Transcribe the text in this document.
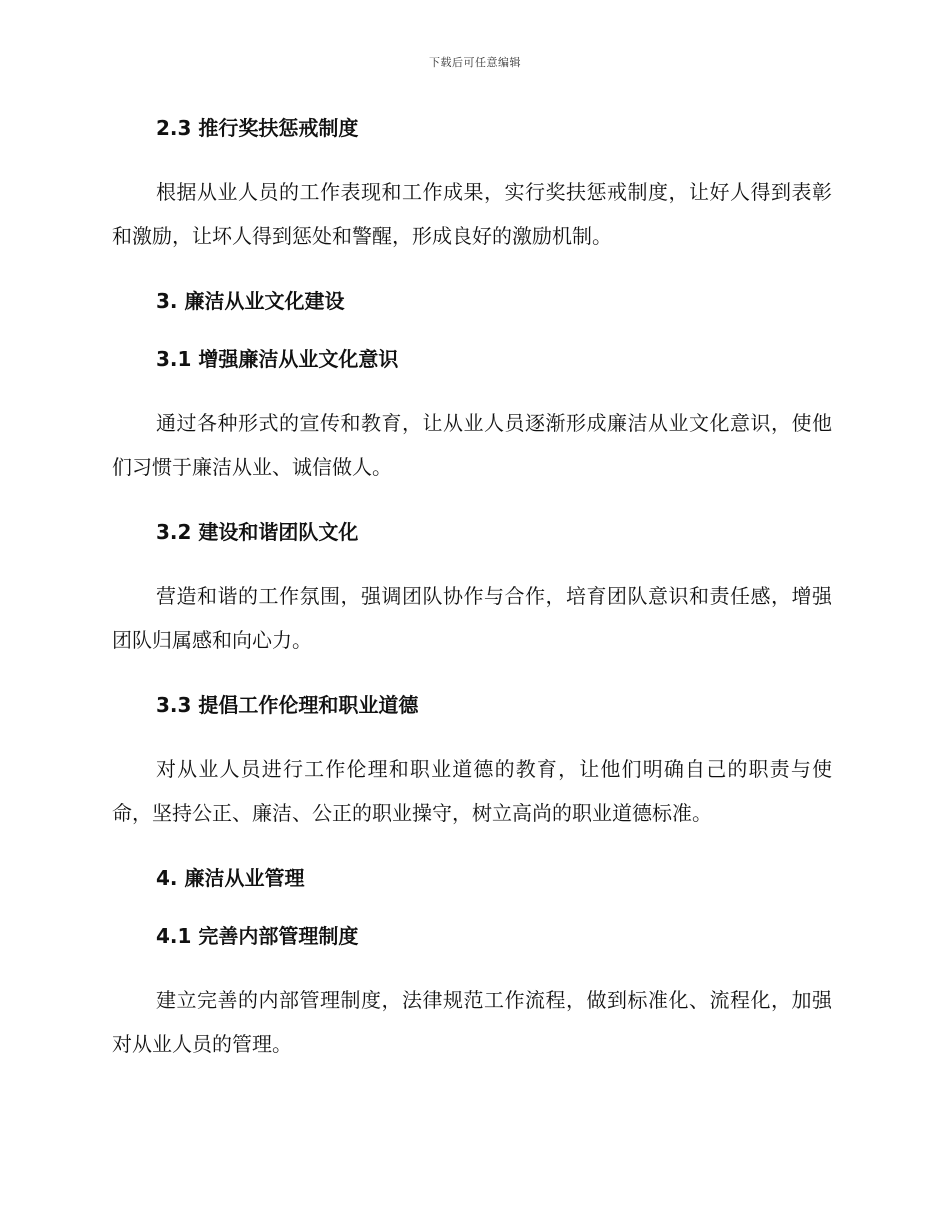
下载后可任意编辑
2.3 推行奖扶惩戒制度

根据从业人员的工作表现和工作成果，实行奖扶惩戒制度，让好人得到表彰和激励，让坏人得到惩处和警醒，形成良好的激励机制。

3. 廉洁从业文化建设
3.1 增强廉洁从业文化意识

通过各种形式的宣传和教育，让从业人员逐渐形成廉洁从业文化意识，使他们习惯于廉洁从业、诚信做人。

3.2 建设和谐团队文化

营造和谐的工作氛围，强调团队协作与合作，培育团队意识和责任感，增强团队归属感和向心力。

3.3 提倡工作伦理和职业道德

对从业人员进行工作伦理和职业道德的教育，让他们明确自己的职责与使命，坚持公正、廉洁、公正的职业操守，树立高尚的职业道德标准。

4. 廉洁从业管理
4.1 完善内部管理制度

建立完善的内部管理制度，法律规范工作流程，做到标准化、流程化，加强对从业人员的管理。
